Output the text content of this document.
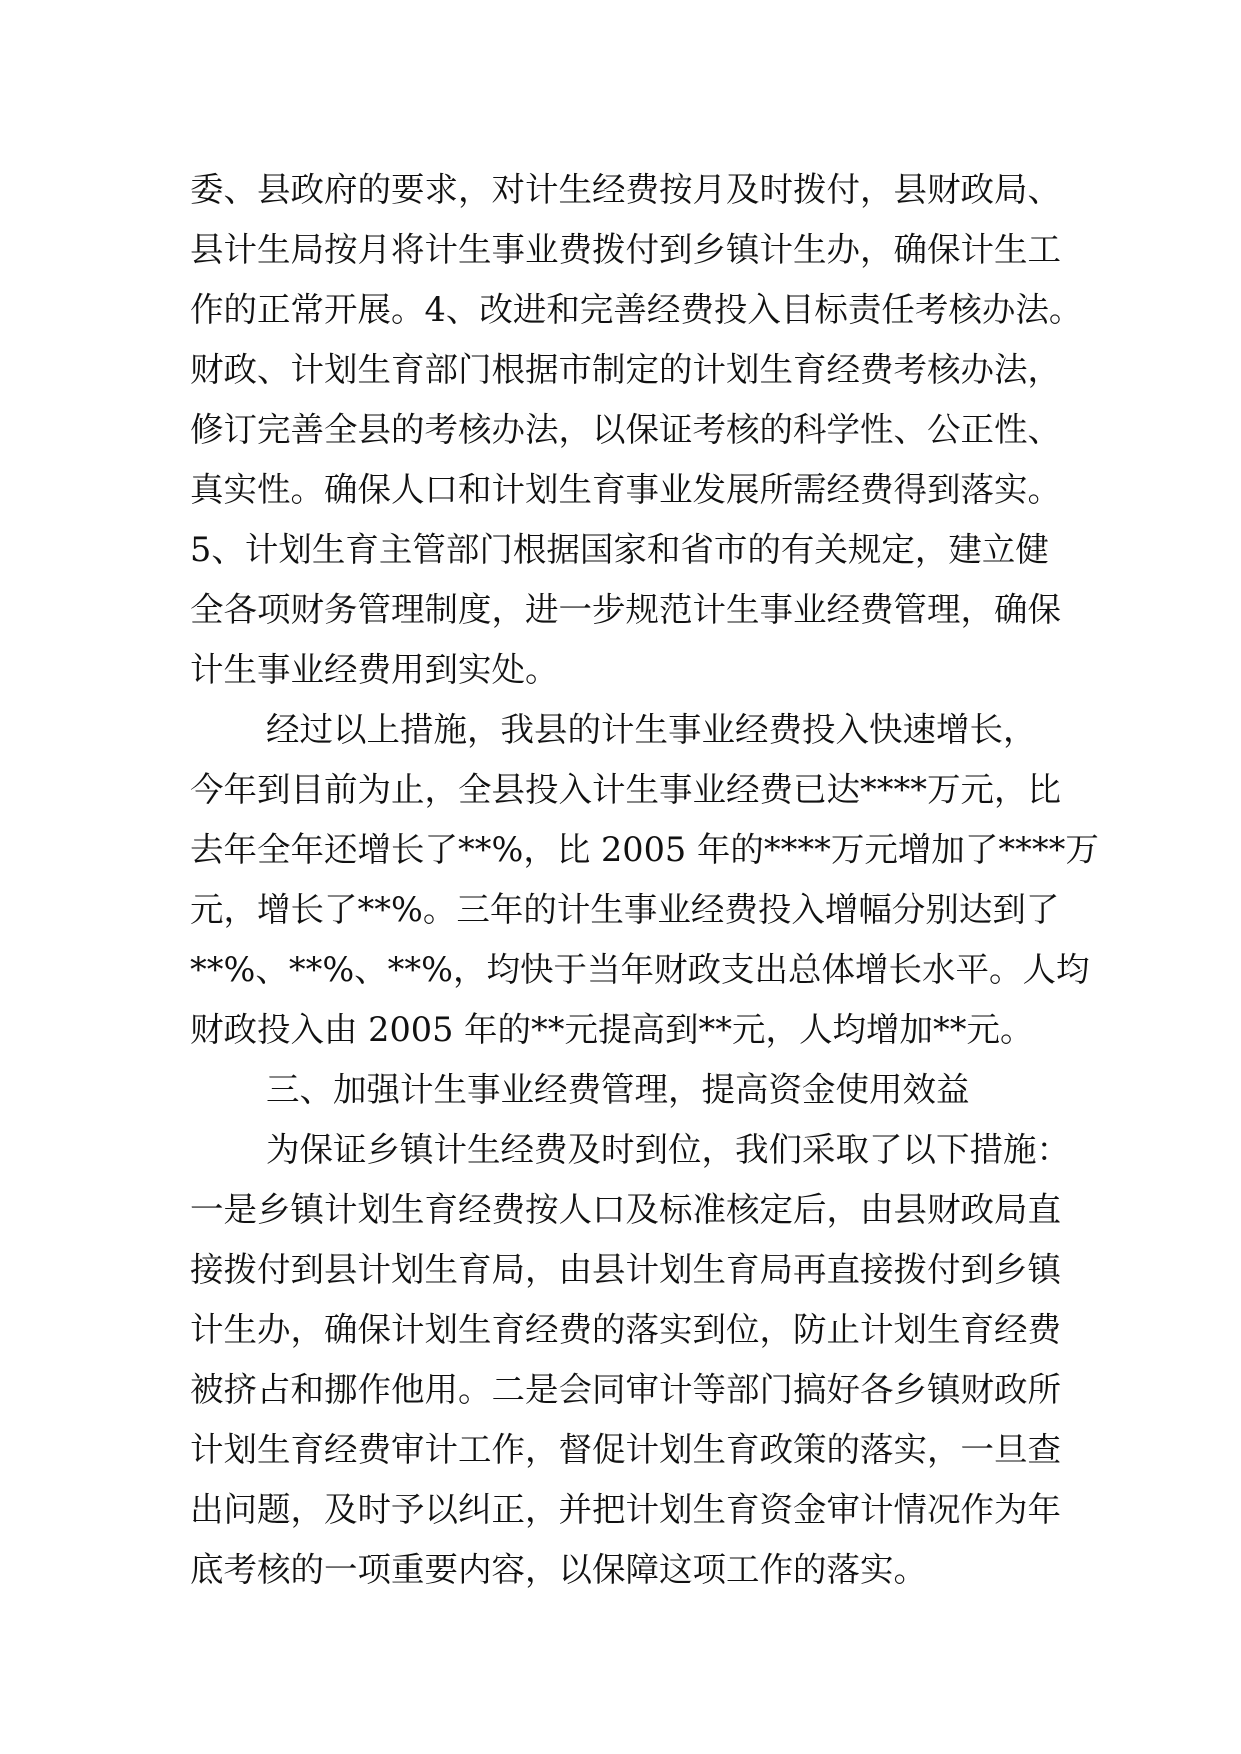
委、县政府的要求，对计生经费按月及时拨付，县财政局、
县计生局按月将计生事业费拨付到乡镇计生办，确保计生工
作的正常开展。4、改进和完善经费投入目标责任考核办法。
财政、计划生育部门根据市制定的计划生育经费考核办法，
修订完善全县的考核办法，以保证考核的科学性、公正性、
真实性。确保人口和计划生育事业发展所需经费得到落实。
5、计划生育主管部门根据国家和省市的有关规定，建立健
全各项财务管理制度，进一步规范计生事业经费管理，确保
计生事业经费用到实处。
经过以上措施，我县的计生事业经费投入快速增长，
今年到目前为止，全县投入计生事业经费已达****万元，比
去年全年还增长了**%，比 2005 年的****万元增加了****万
元，增长了**%。三年的计生事业经费投入增幅分别达到了
**%、**%、**%，均快于当年财政支出总体增长水平。人均
财政投入由 2005 年的**元提高到**元，人均增加**元。
三、加强计生事业经费管理，提高资金使用效益
为保证乡镇计生经费及时到位，我们采取了以下措施：
一是乡镇计划生育经费按人口及标准核定后，由县财政局直
接拨付到县计划生育局，由县计划生育局再直接拨付到乡镇
计生办，确保计划生育经费的落实到位，防止计划生育经费
被挤占和挪作他用。二是会同审计等部门搞好各乡镇财政所
计划生育经费审计工作，督促计划生育政策的落实，一旦查
出问题，及时予以纠正，并把计划生育资金审计情况作为年
底考核的一项重要内容，以保障这项工作的落实。
